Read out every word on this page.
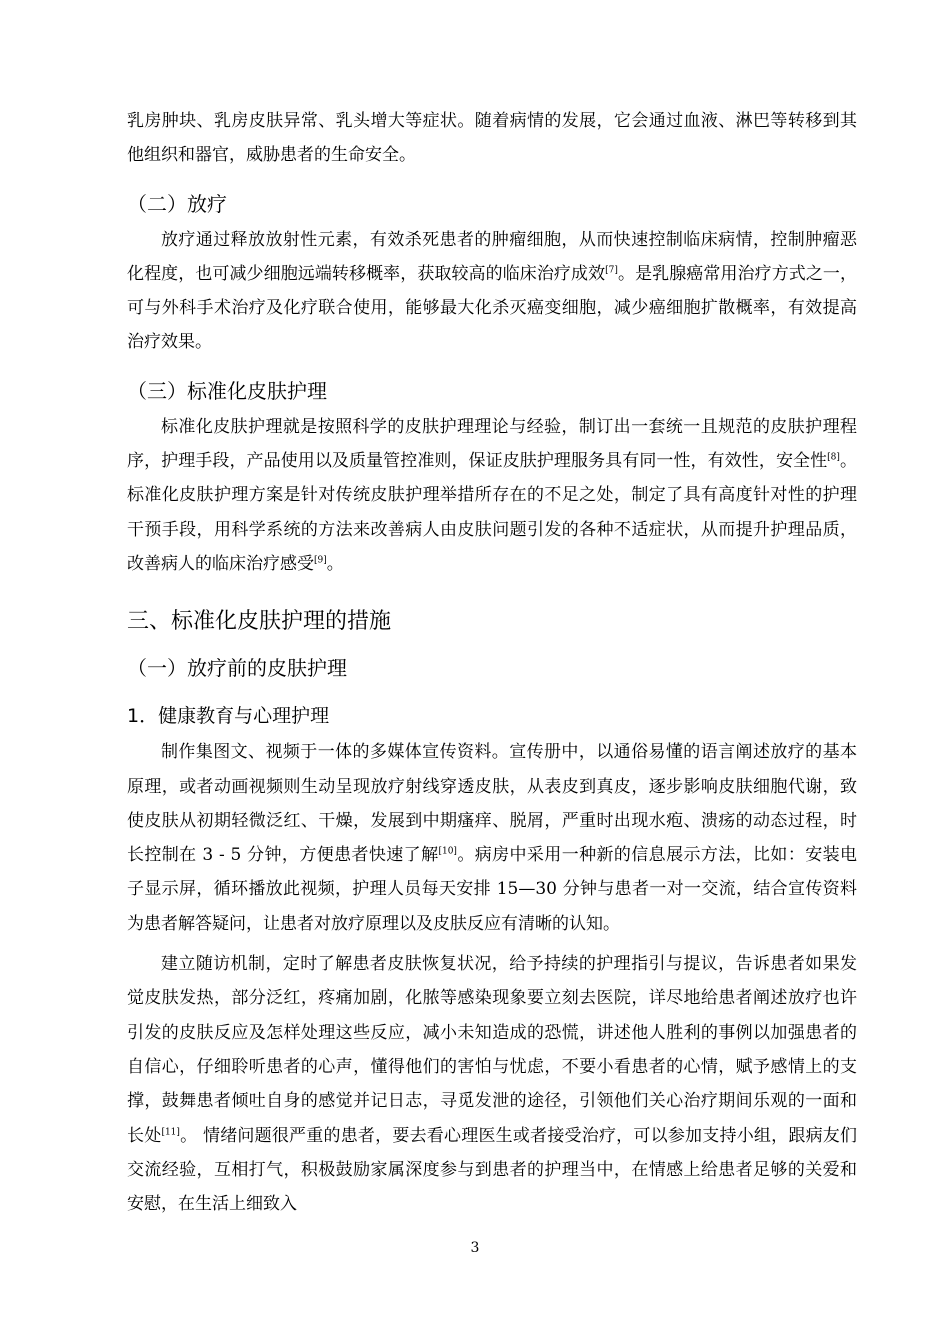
乳房肿块、乳房皮肤异常、乳头增大等症状。随着病情的发展，它会通过血液、淋巴等转移到其他组织和器官，威胁患者的生命安全。

（二）放疗

放疗通过释放放射性元素，有效杀死患者的肿瘤细胞，从而快速控制临床病情，控制肿瘤恶化程度，也可减少细胞远端转移概率，获取较高的临床治疗成效[7]。是乳腺癌常用治疗方式之一，可与外科手术治疗及化疗联合使用，能够最大化杀灭癌变细胞，减少癌细胞扩散概率，有效提高治疗效果。

（三）标准化皮肤护理

标准化皮肤护理就是按照科学的皮肤护理理论与经验，制订出一套统一且规范的皮肤护理程序，护理手段，产品使用以及质量管控准则，保证皮肤护理服务具有同一性，有效性，安全性[8]。标准化皮肤护理方案是针对传统皮肤护理举措所存在的不足之处，制定了具有高度针对性的护理干预手段，用科学系统的方法来改善病人由皮肤问题引发的各种不适症状，从而提升护理品质，改善病人的临床治疗感受[9]。

三、标准化皮肤护理的措施
（一）放疗前的皮肤护理
1．健康教育与心理护理

制作集图文、视频于一体的多媒体宣传资料。宣传册中，以通俗易懂的语言阐述放疗的基本原理，或者动画视频则生动呈现放疗射线穿透皮肤，从表皮到真皮，逐步影响皮肤细胞代谢，致使皮肤从初期轻微泛红、干燥，发展到中期瘙痒、脱屑，严重时出现水疱、溃疡的动态过程，时长控制在 3 - 5 分钟，方便患者快速了解[10]。病房中采用一种新的信息展示方法，比如：安装电子显示屏，循环播放此视频，护理人员每天安排 15—30 分钟与患者一对一交流，结合宣传资料为患者解答疑问，让患者对放疗原理以及皮肤反应有清晰的认知。

建立随访机制，定时了解患者皮肤恢复状况，给予持续的护理指引与提议，告诉患者如果发觉皮肤发热，部分泛红，疼痛加剧，化脓等感染现象要立刻去医院，详尽地给患者阐述放疗也许引发的皮肤反应及怎样处理这些反应，减小未知造成的恐慌，讲述他人胜利的事例以加强患者的自信心，仔细聆听患者的心声，懂得他们的害怕与忧虑，不要小看患者的心情，赋予感情上的支撑，鼓舞患者倾吐自身的感觉并记日志，寻觅发泄的途径，引领他们关心治疗期间乐观的一面和长处[11]。 情绪问题很严重的患者，要去看心理医生或者接受治疗，可以参加支持小组，跟病友们交流经验，互相打气，积极鼓励家属深度参与到患者的护理当中，在情感上给患者足够的关爱和安慰，在生活上细致入

3
